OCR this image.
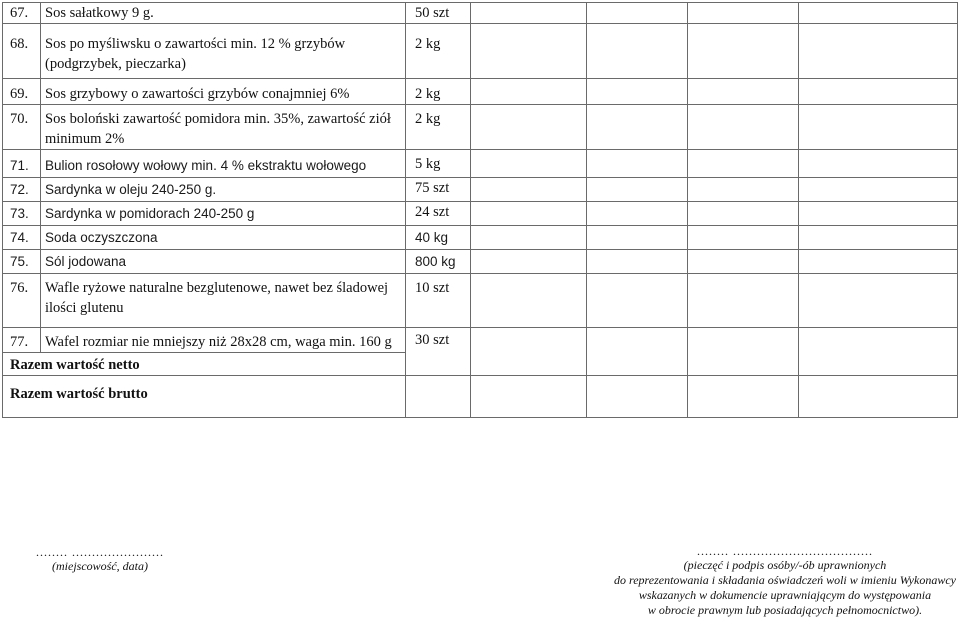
67.	Sos sałatkowy 9 g.	50 szt				
68.	Sos po myśliwsku o zawartości min. 12 % grzybów (podgrzybek, pieczarka)	2 kg				
69.	Sos grzybowy o zawartości grzybów conajmniej 6%	2 kg				
70.	Sos boloński zawartość pomidora min. 35%, zawartość ziół minimum 2%	2 kg				
71.	Bulion rosołowy wołowy min. 4 % ekstraktu wołowego	5 kg				
72.	Sardynka w oleju 240-250 g.	75 szt				
73.	Sardynka w pomidorach 240-250 g	24 szt				
74.	Soda oczyszczona	40 kg				
75.	Sól jodowana	800 kg				
76.	Wafle ryżowe naturalne bezglutenowe, nawet bez śladowej ilości glutenu	10 szt				
77.	Wafel rozmiar nie mniejszy niż 28x28 cm, waga min. 160 g	30 szt				
Razem wartość netto						
Razem wartość brutto						
........ .......................
(miejscowość, data)
........ ...................................
(pieczęć i podpis osóby/-ób uprawnionych
do reprezentowania i składania oświadczeń woli w imieniu Wykonawcy
wskazanych w dokumencie uprawniającym do występowania
w obrocie prawnym lub posiadających pełnomocnictwo).
